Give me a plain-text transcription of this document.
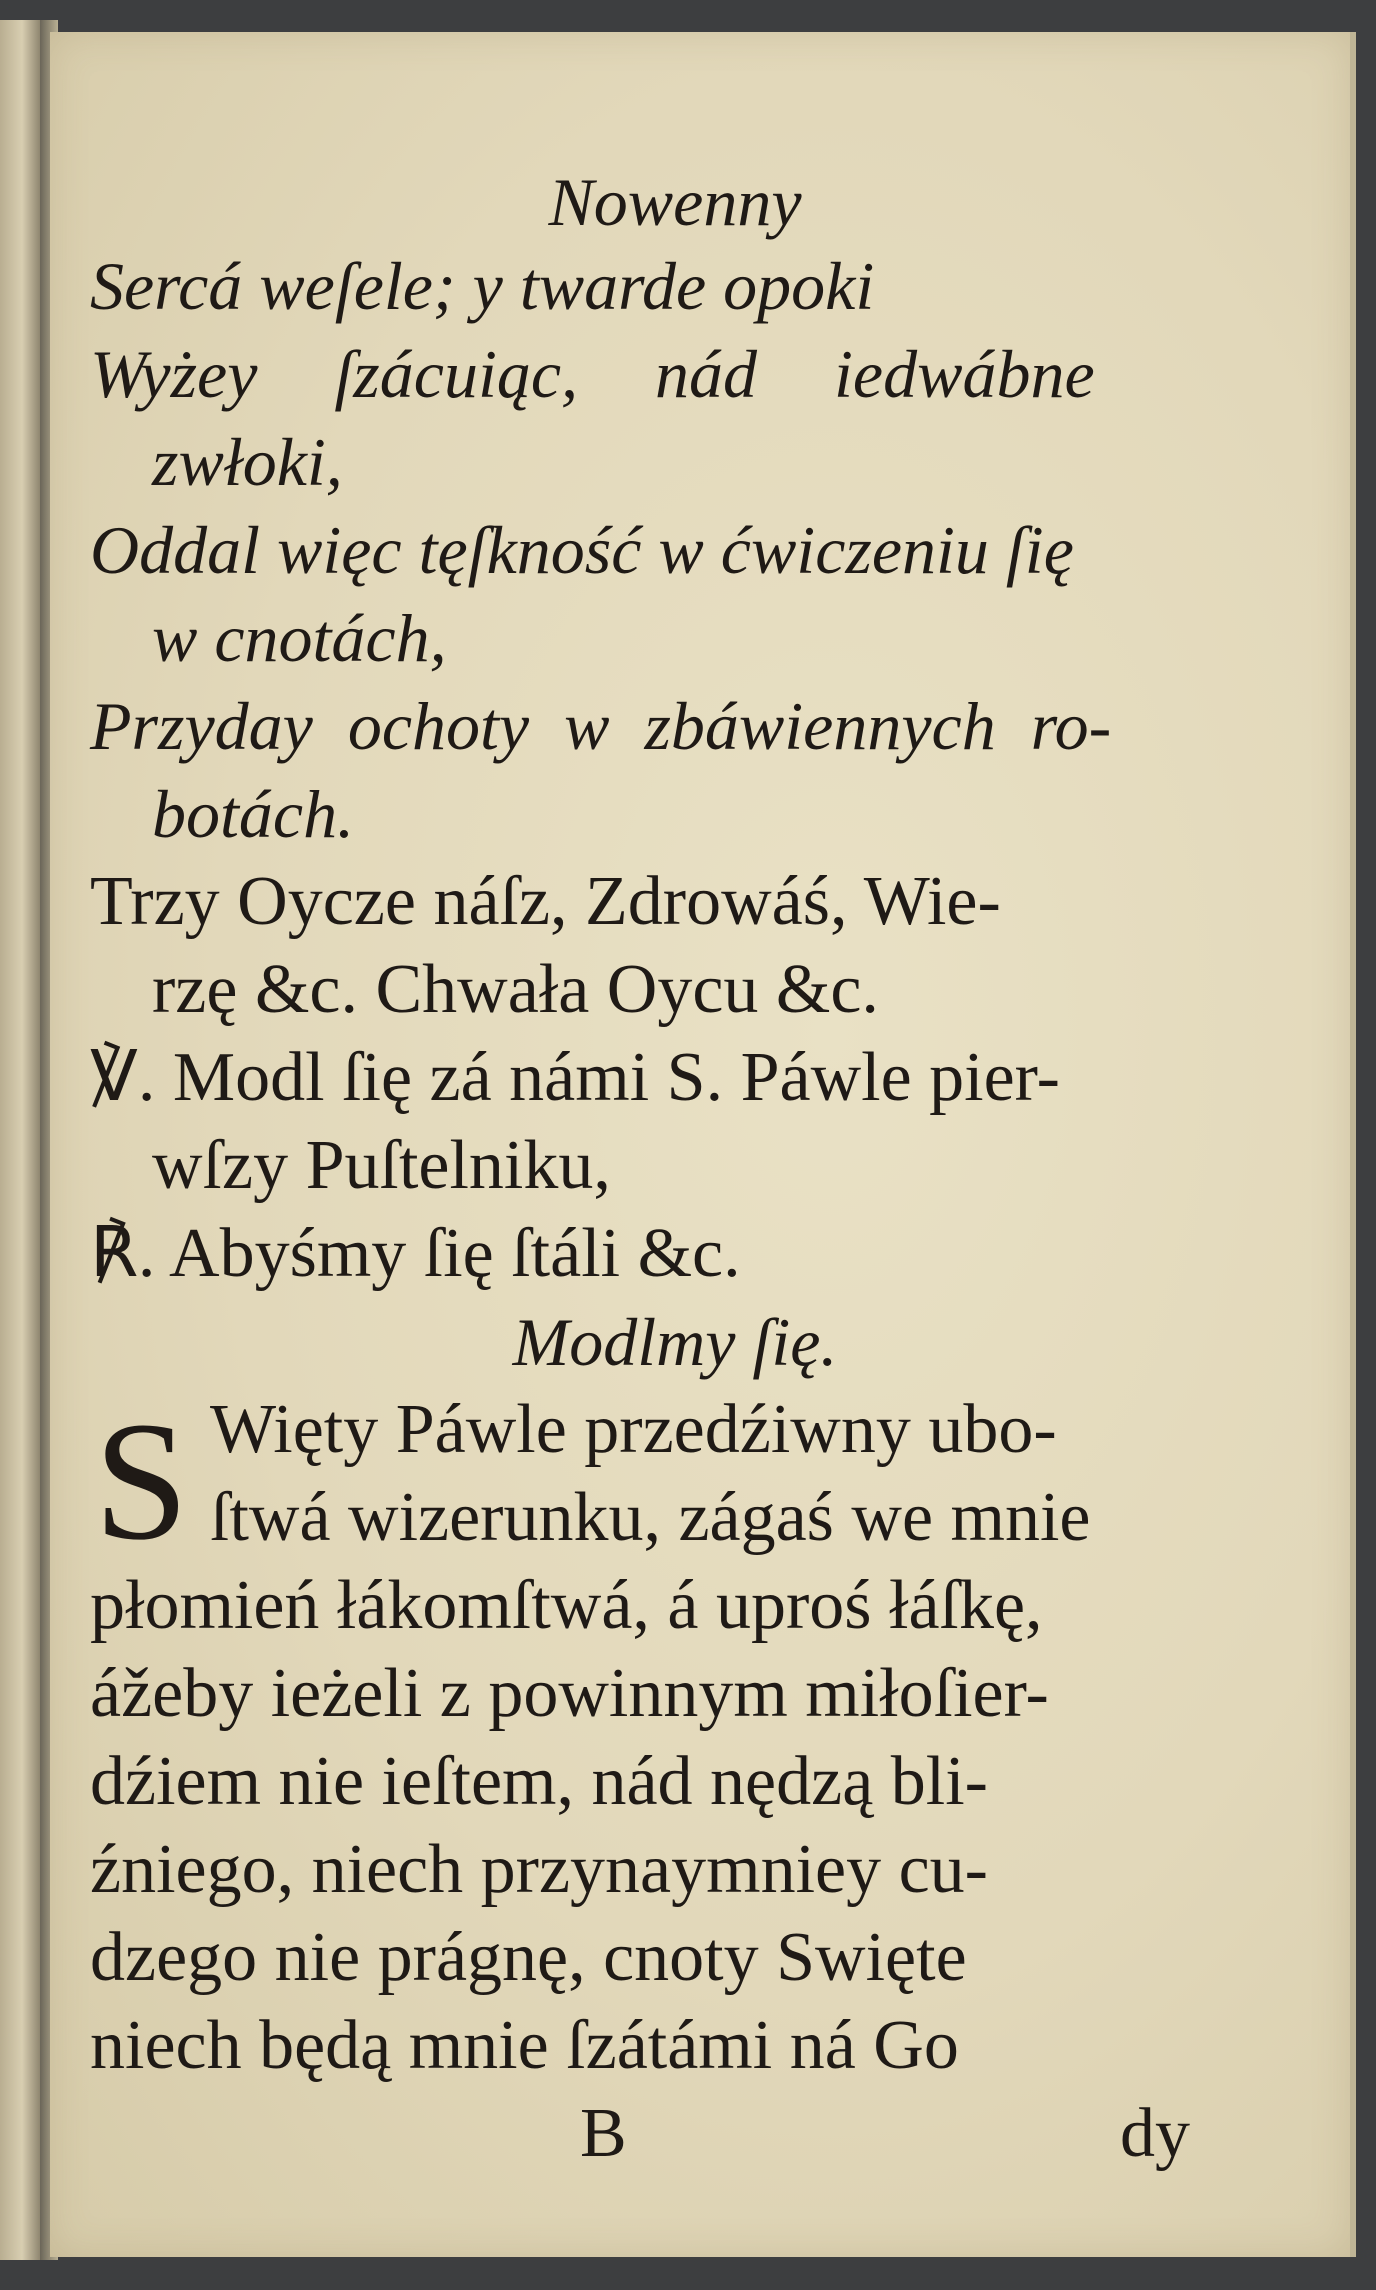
Nowenny
Sercá weſele; y twarde opoki
Wyżey ſzácuiąc, nád iedwábne
zwłoki,
Oddal więc tęſkność w ćwiczeniu ſię
w cnotách,
Przyday ochoty w zbáwiennych ro-
botách.
Trzy Oycze náſz, Zdrowáś, Wie-
rzę &c. Chwała Oycu &c.
℣. Modl ſię zá námi S. Páwle pier-
wſzy Puſtelniku,
℟. Abyśmy ſię ſtáli &c.
Modlmy ſię.
S Więty Páwle przedźiwny ubo-
ſtwá wizerunku, zágaś we mnie
płomień łákomſtwá, á uproś łáſkę,
ážeby ieżeli z powinnym miłoſier-
dźiem nie ieſtem, nád nędzą bli-
źniego, niech przynaymniey cu-
dzego nie prágnę, cnoty Swięte
niech będą mnie ſzátámi ná Go
B	dy
